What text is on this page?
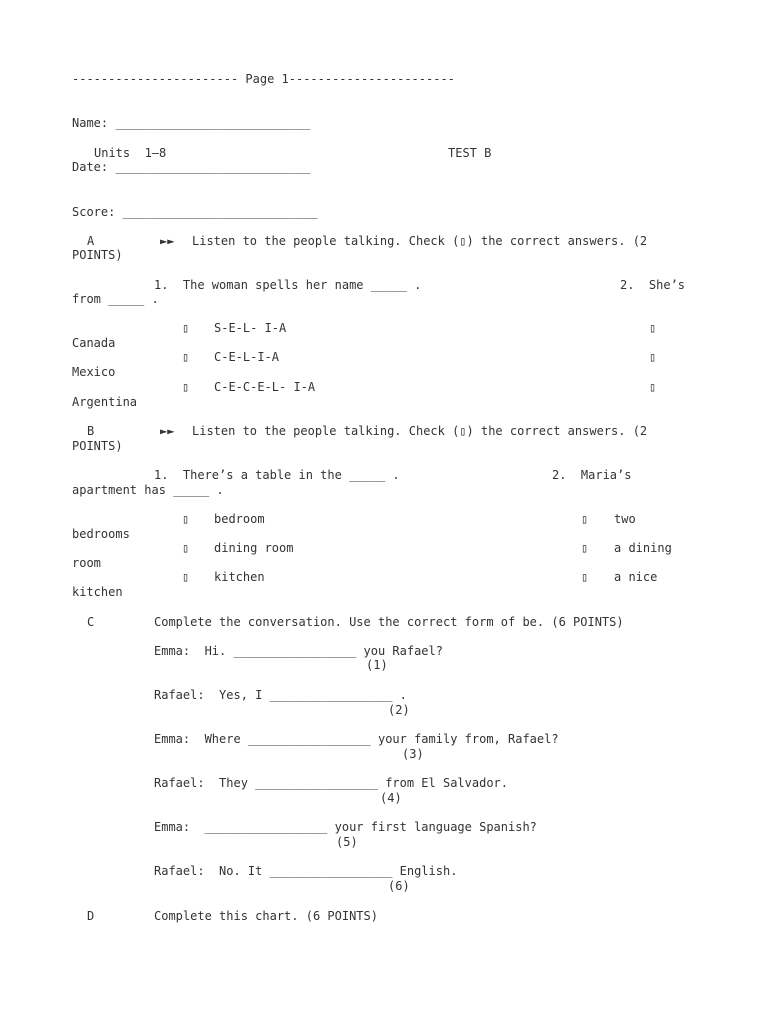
----------------------- Page 1-----------------------
Name: ___________________________
Units  1–8	TEST B
Date: ___________________________
Score: ___________________________
A	►► Listen to the people talking. Check (▯) the correct answers. (2
POINTS)
1.  The woman spells her name _____ .	2.  She’s
from _____ .
▯ S-E-L- I-A	▯
Canada
▯ C-E-L-I-A	▯
Mexico
▯ C-E-C-E-L- I-A	▯
Argentina
B	►► Listen to the people talking. Check (▯) the correct answers. (2
POINTS)
1.  There’s a table in the _____ .	2.  Maria’s
apartment has _____ .
▯ bedroom	▯ two
bedrooms
▯ dining room	▯ a dining
room
▯ kitchen	▯ a nice
kitchen
C	Complete the conversation. Use the correct form of be. (6 POINTS)
Emma:  Hi. _________________ you Rafael?
(1)
Rafael:  Yes, I _________________ .
(2)
Emma:  Where _________________ your family from, Rafael?
(3)
Rafael:  They _________________ from El Salvador.
(4)
Emma:  _________________ your first language Spanish?
(5)
Rafael:  No. It _________________ English.
(6)
D	Complete this chart. (6 POINTS)
